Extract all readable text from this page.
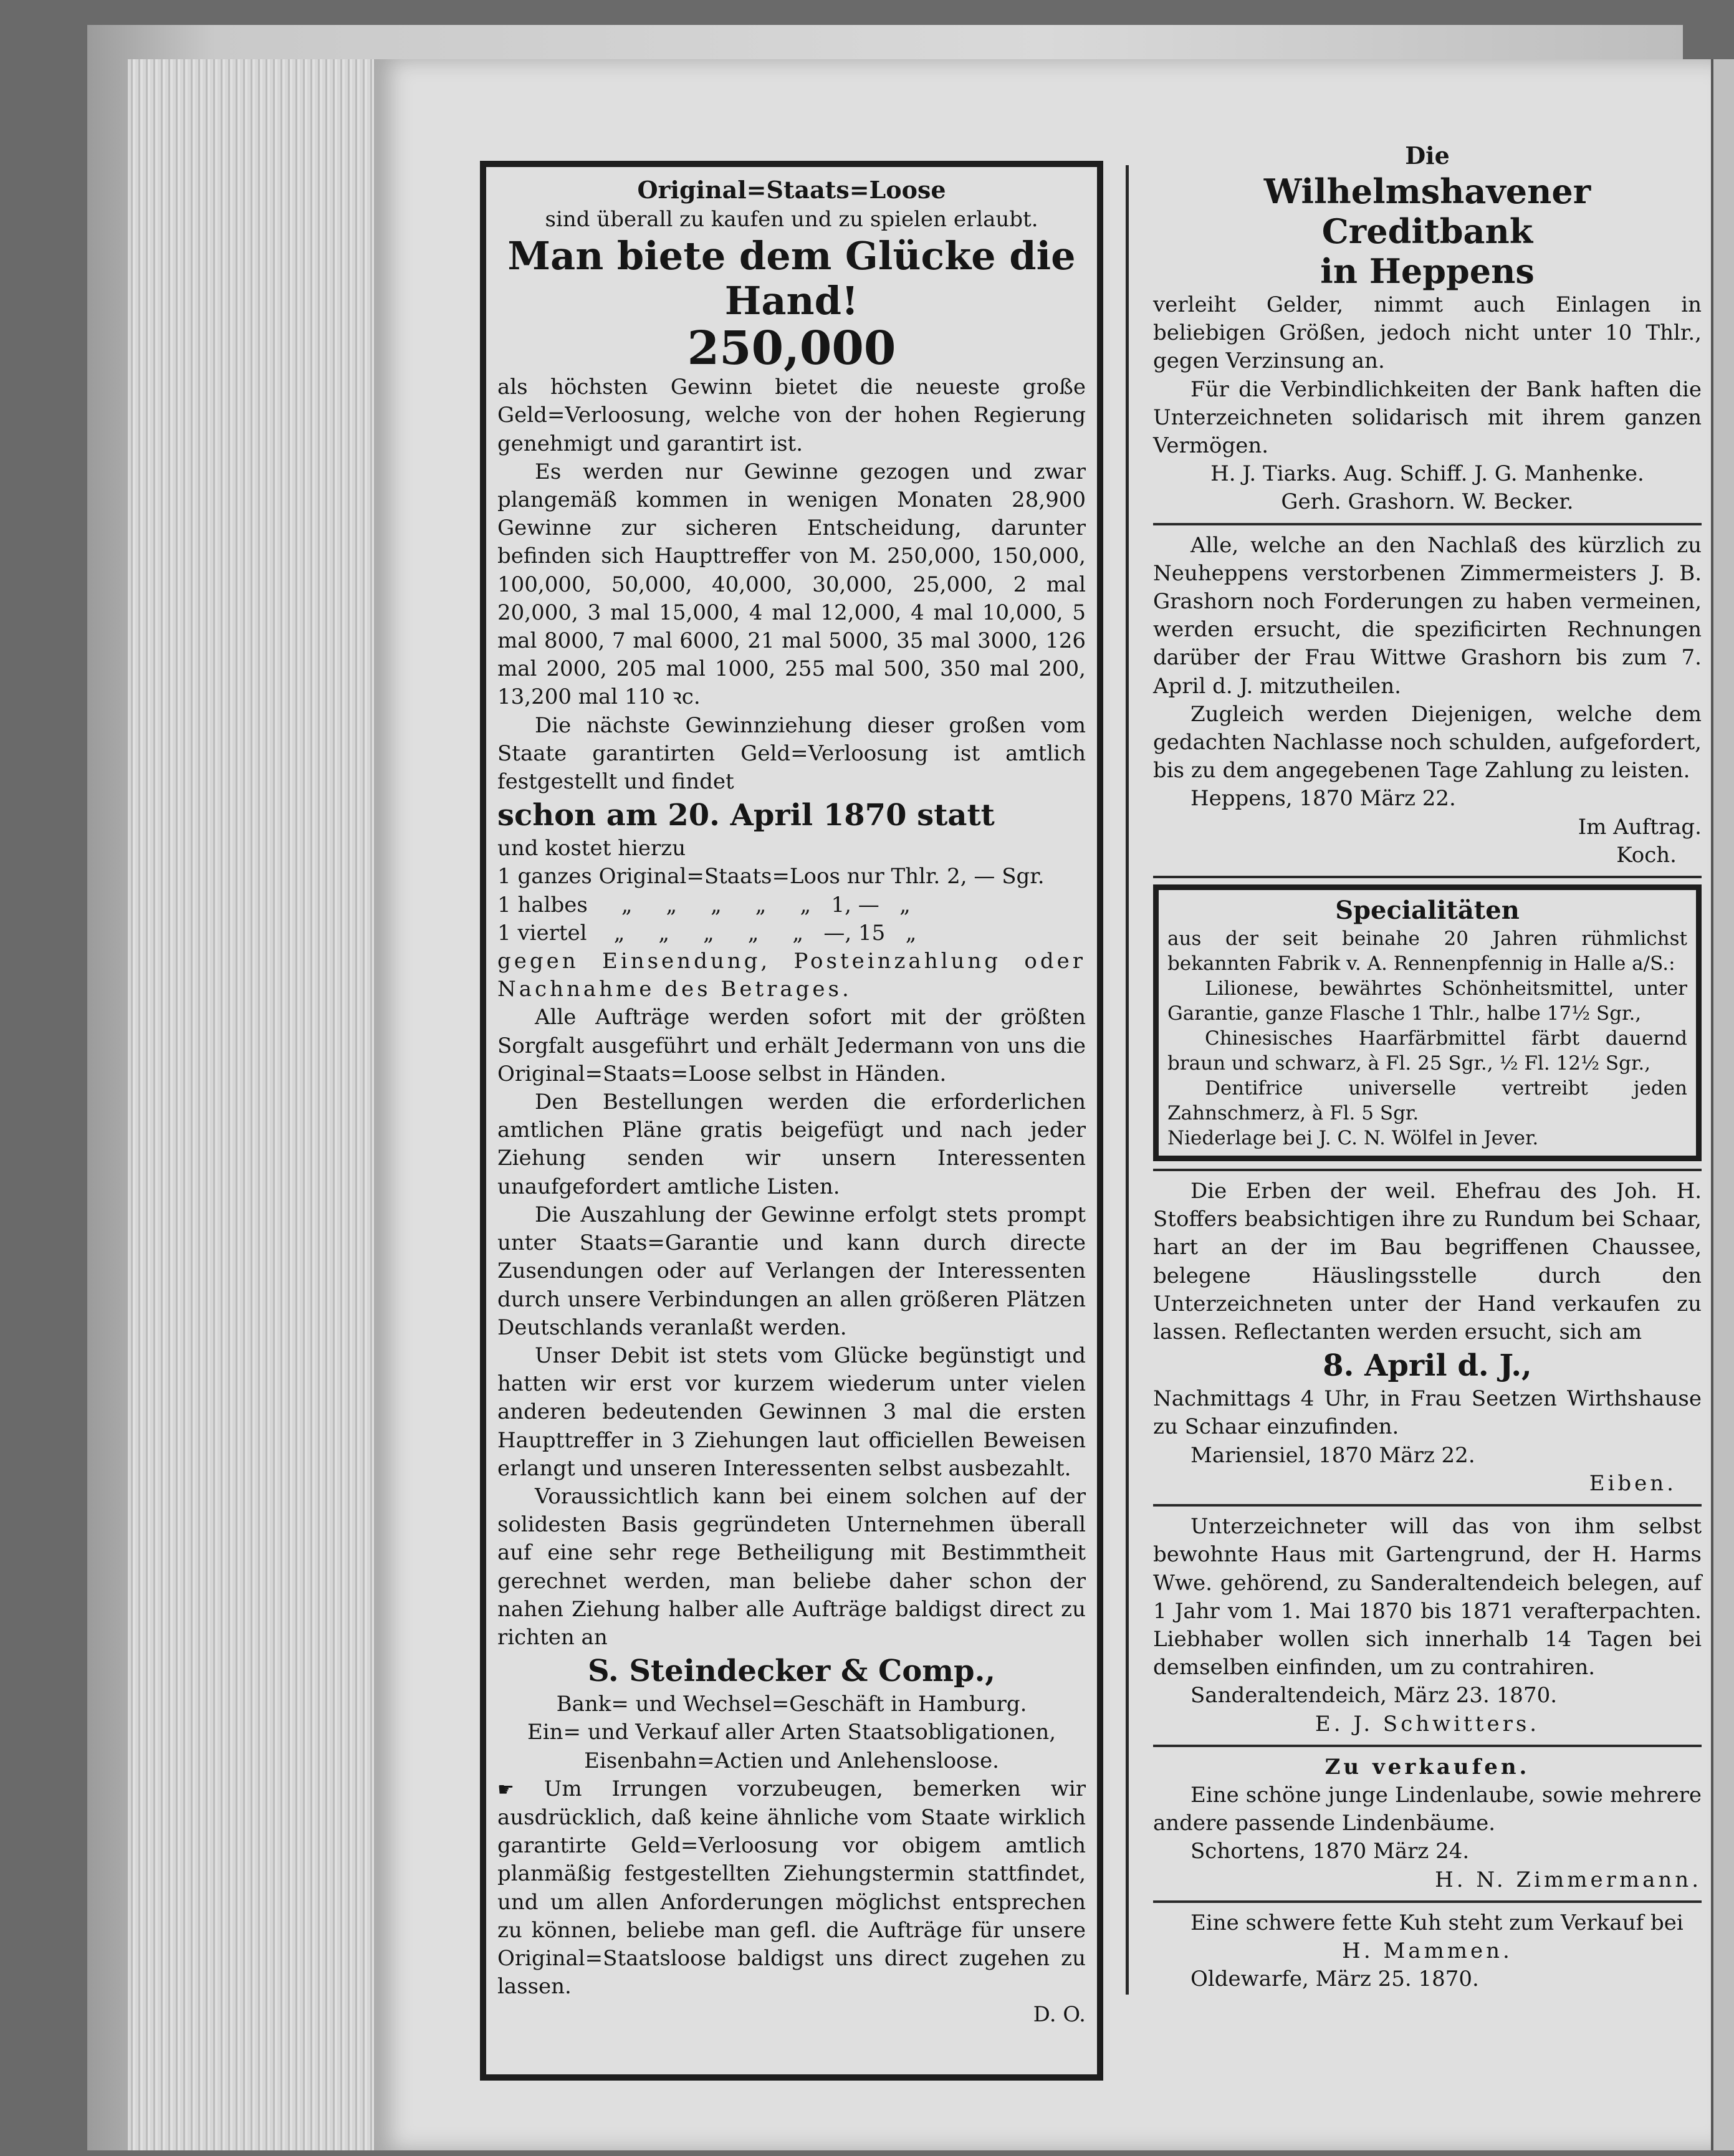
Original=Staats=Loose

sind überall zu kaufen und zu spielen erlaubt.

Man biete dem Glücke die Hand!

250,000

als höchsten Gewinn bietet die neueste große Geld=Verloosung, welche von der hohen Regierung genehmigt und garantirt ist.

Es werden nur Gewinne gezogen und zwar plangemäß kommen in wenigen Monaten 28,900 Gewinne zur sicheren Entscheidung, darunter befinden sich Haupttreffer von M. 250,000, 150,000, 100,000, 50,000, 40,000, 30,000, 25,000, 2 mal 20,000, 3 mal 15,000, 4 mal 12,000, 4 mal 10,000, 5 mal 8000, 7 mal 6000, 21 mal 5000, 35 mal 3000, 126 mal 2000, 205 mal 1000, 255 mal 500, 350 mal 200, 13,200 mal 110 ꝛc.

Die nächste Gewinnziehung dieser großen vom Staate garantirten Geld=Verloosung ist amtlich festgestellt und findet

schon am 20. April 1870 statt

und kostet hierzu

1 ganzes Original=Staats=Loos nur Thlr. 2, — Sgr.

1 halbes     „     „     „     „     „   1, —   „

1 viertel    „     „     „     „     „   —, 15   „

gegen Einsendung, Posteinzahlung oder Nachnahme des Betrages.

Alle Aufträge werden sofort mit der größten Sorgfalt ausgeführt und erhält Jedermann von uns die Original=Staats=Loose selbst in Händen.

Den Bestellungen werden die erforderlichen amtlichen Pläne gratis beigefügt und nach jeder Ziehung senden wir unsern Interessenten unaufgefordert amtliche Listen.

Die Auszahlung der Gewinne erfolgt stets prompt unter Staats=Garantie und kann durch directe Zusendungen oder auf Verlangen der Interessenten durch unsere Verbindungen an allen größeren Plätzen Deutschlands veranlaßt werden.

Unser Debit ist stets vom Glücke begünstigt und hatten wir erst vor kurzem wiederum unter vielen anderen bedeutenden Gewinnen 3 mal die ersten Haupttreffer in 3 Ziehungen laut officiellen Beweisen erlangt und unseren Interessenten selbst ausbezahlt.

Voraussichtlich kann bei einem solchen auf der solidesten Basis gegründeten Unternehmen überall auf eine sehr rege Betheiligung mit Bestimmtheit gerechnet werden, man beliebe daher schon der nahen Ziehung halber alle Aufträge baldigst direct zu richten an

S. Steindecker & Comp.,

Bank= und Wechsel=Geschäft in Hamburg.

Ein= und Verkauf aller Arten Staatsobligationen, Eisenbahn=Actien und Anlehensloose.

☛ Um Irrungen vorzubeugen, bemerken wir ausdrücklich, daß keine ähnliche vom Staate wirklich garantirte Geld=Verloosung vor obigem amtlich planmäßig festgestellten Ziehungstermin stattfindet, und um allen Anforderungen möglichst entsprechen zu können, beliebe man gefl. die Aufträge für unsere Original=Staatsloose baldigst uns direct zugehen zu lassen.

D. O.

Die

Wilhelmshavener Creditbank

in Heppens

verleiht Gelder, nimmt auch Einlagen in beliebigen Größen, jedoch nicht unter 10 Thlr., gegen Verzinsung an.

Für die Verbindlichkeiten der Bank haften die Unterzeichneten solidarisch mit ihrem ganzen Vermögen.

H. J. Tiarks. Aug. Schiff. J. G. Manhenke.

Gerh. Grashorn. W. Becker.

Alle, welche an den Nachlaß des kürzlich zu Neuheppens verstorbenen Zimmermeisters J. B. Grashorn noch Forderungen zu haben vermeinen, werden ersucht, die spezificirten Rechnungen darüber der Frau Wittwe Grashorn bis zum 7. April d. J. mitzutheilen.

Zugleich werden Diejenigen, welche dem gedachten Nachlasse noch schulden, aufgefordert, bis zu dem angegebenen Tage Zahlung zu leisten.

Heppens, 1870 März 22.

Im Auftrag.

Koch.

Specialitäten

aus der seit beinahe 20 Jahren rühmlichst bekannten Fabrik v. A. Rennenpfennig in Halle a/S.:

Lilionese, bewährtes Schönheitsmittel, unter Garantie, ganze Flasche 1 Thlr., halbe 17½ Sgr.,

Chinesisches Haarfärbmittel färbt dauernd braun und schwarz, à Fl. 25 Sgr., ½ Fl. 12½ Sgr.,

Dentifrice universelle vertreibt jeden Zahnschmerz, à Fl. 5 Sgr.

Niederlage bei J. C. N. Wölfel in Jever.

Die Erben der weil. Ehefrau des Joh. H. Stoffers beabsichtigen ihre zu Rundum bei Schaar, hart an der im Bau begriffenen Chaussee, belegene Häuslingsstelle durch den Unterzeichneten unter der Hand verkaufen zu lassen. Reflectanten werden ersucht, sich am

8. April d. J.,

Nachmittags 4 Uhr, in Frau Seetzen Wirthshause zu Schaar einzufinden.

Mariensiel, 1870 März 22.

Eiben.

Unterzeichneter will das von ihm selbst bewohnte Haus mit Gartengrund, der H. Harms Wwe. gehörend, zu Sanderaltendeich belegen, auf 1 Jahr vom 1. Mai 1870 bis 1871 verafterpachten. Liebhaber wollen sich innerhalb 14 Tagen bei demselben einfinden, um zu contrahiren.

Sanderaltendeich, März 23. 1870.

E. J. Schwitters.

Zu verkaufen.

Eine schöne junge Lindenlaube, sowie mehrere andere passende Lindenbäume.

Schortens, 1870 März 24.

H. N. Zimmermann.

Eine schwere fette Kuh steht zum Verkauf bei

H. Mammen.

Oldewarfe, März 25. 1870.
